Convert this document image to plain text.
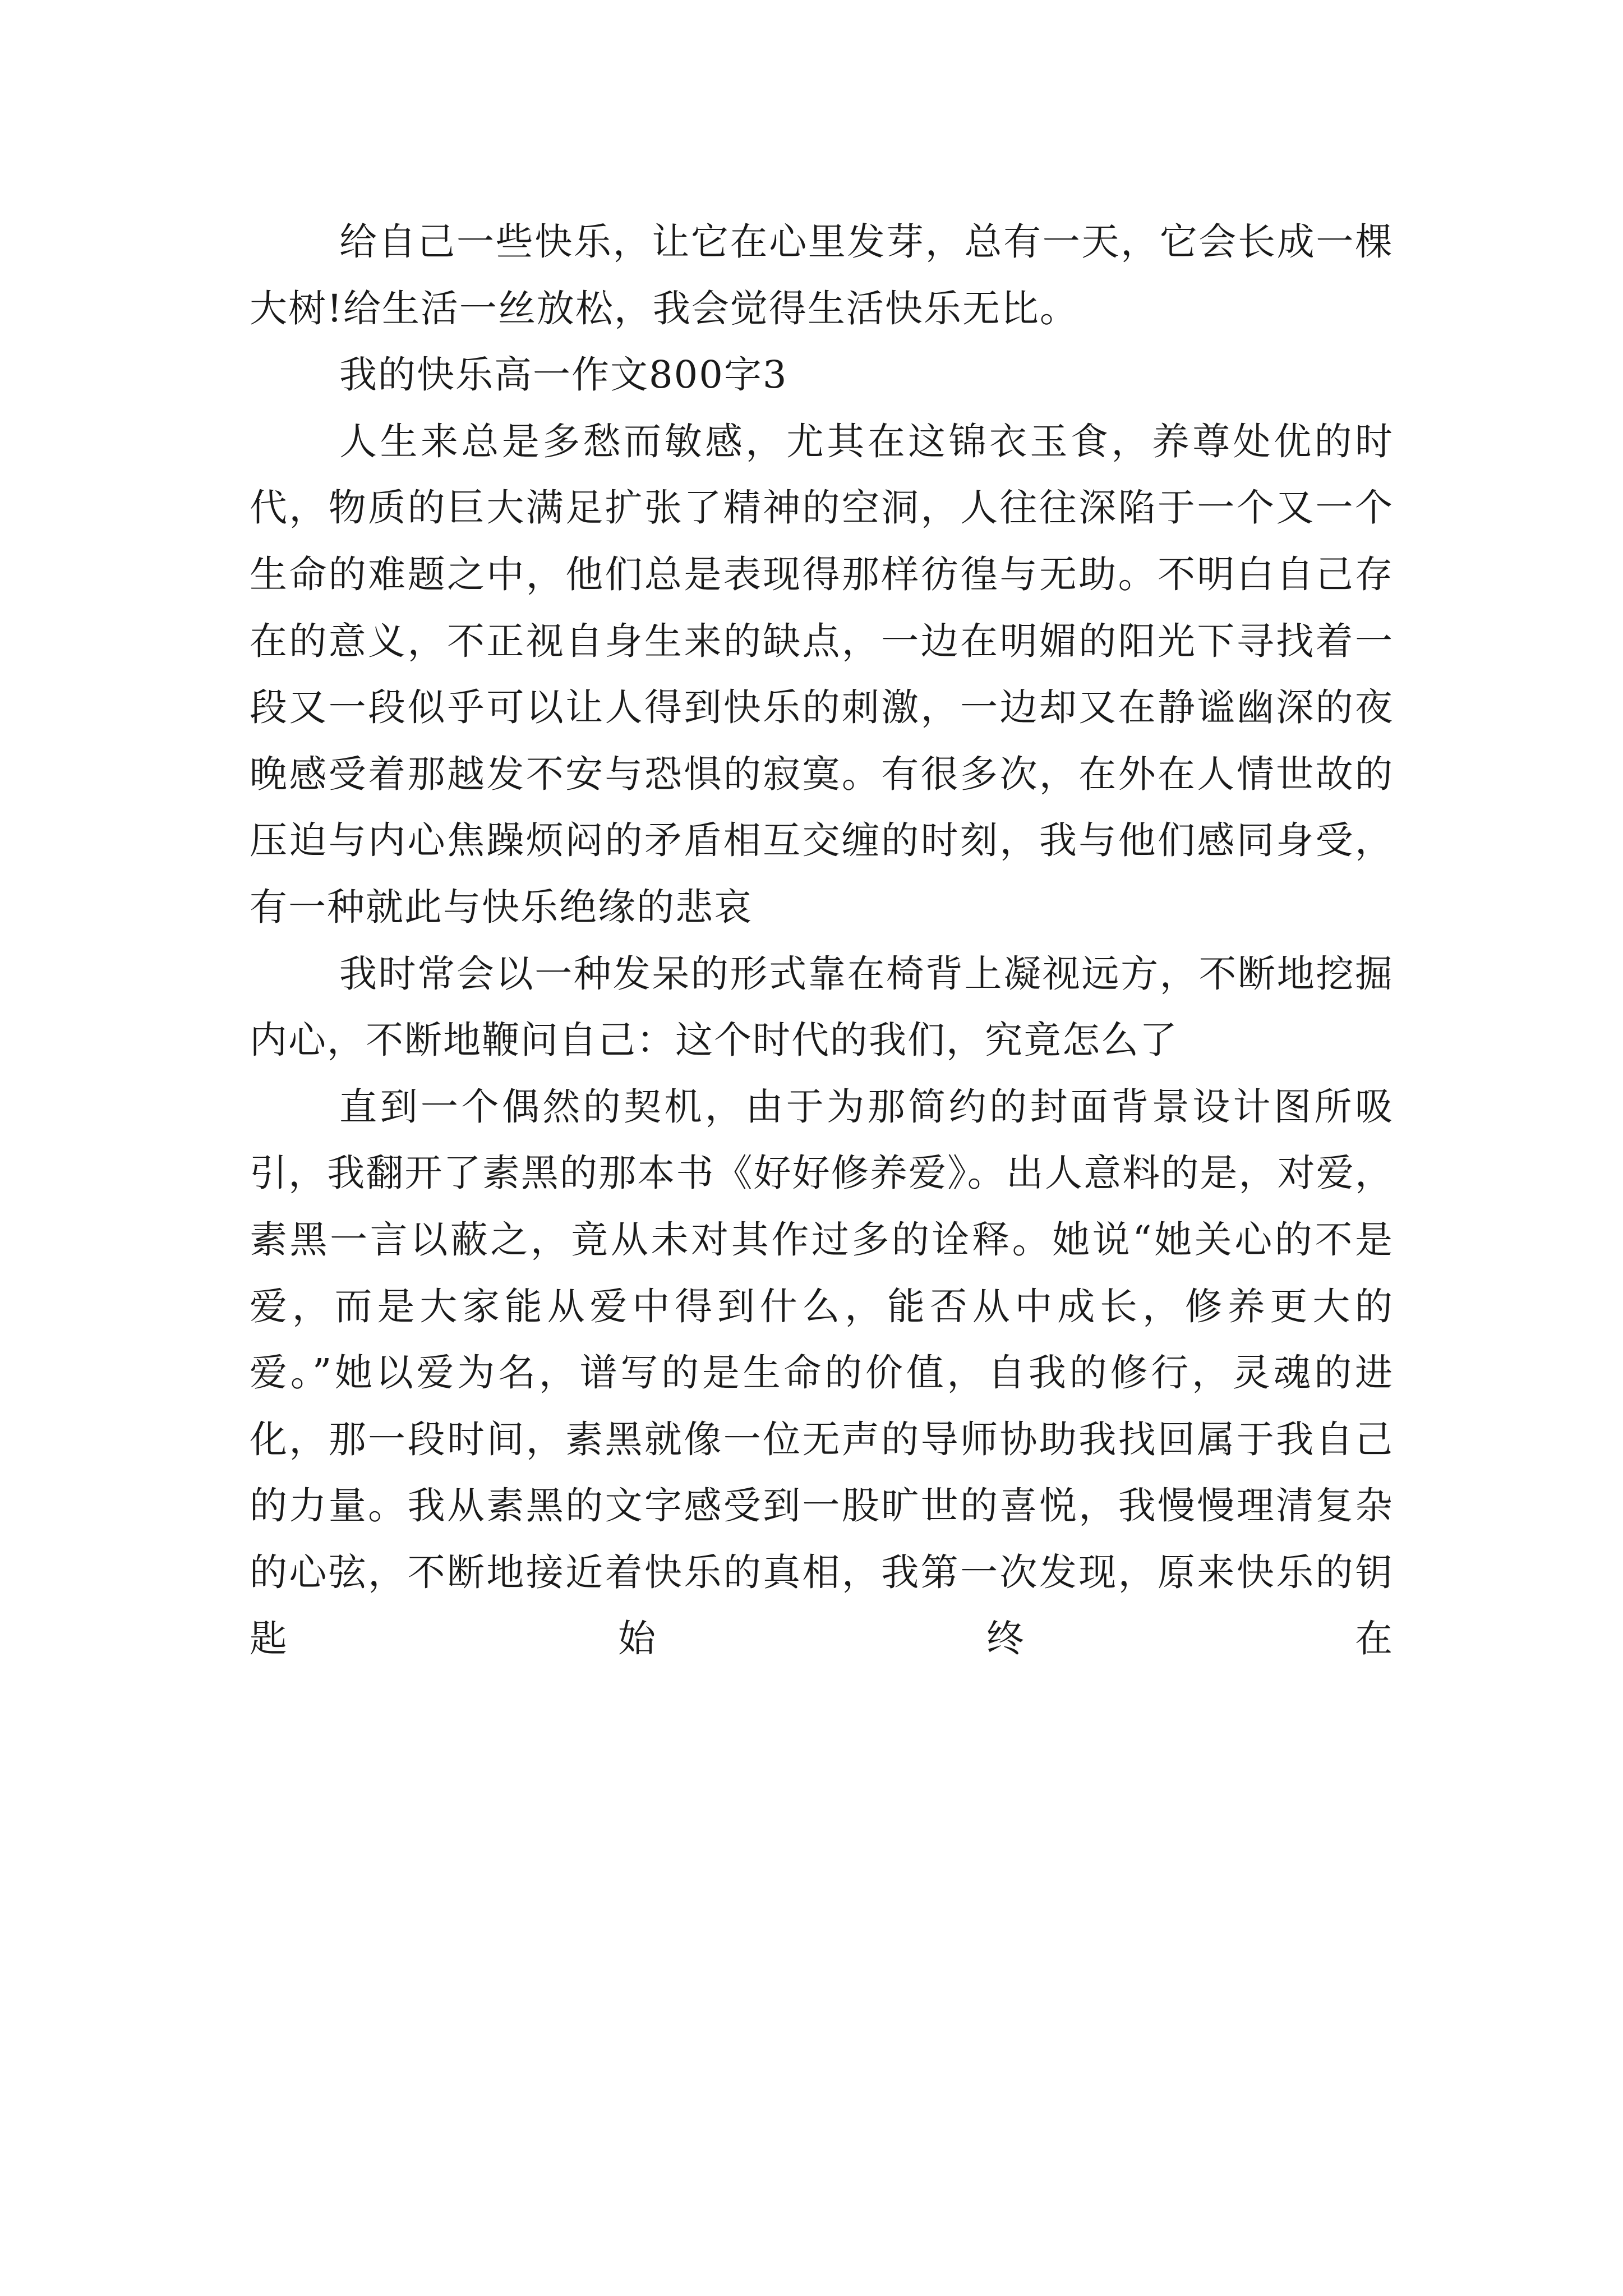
给自己一些快乐，让它在心里发芽，总有一天，它会长成一棵大树!给生活一丝放松，我会觉得生活快乐无比。

我的快乐高一作文800字3

人生来总是多愁而敏感，尤其在这锦衣玉食，养尊处优的时代，物质的巨大满足扩张了精神的空洞，人往往深陷于一个又一个生命的难题之中，他们总是表现得那样彷徨与无助。不明白自己存在的意义，不正视自身生来的缺点，一边在明媚的阳光下寻找着一段又一段似乎可以让人得到快乐的刺激，一边却又在静谧幽深的夜晚感受着那越发不安与恐惧的寂寞。有很多次，在外在人情世故的压迫与内心焦躁烦闷的矛盾相互交缠的时刻，我与他们感同身受，有一种就此与快乐绝缘的悲哀

我时常会以一种发呆的形式靠在椅背上凝视远方，不断地挖掘内心，不断地鞭问自己：这个时代的我们，究竟怎么了

直到一个偶然的契机，由于为那简约的封面背景设计图所吸引，我翻开了素黑的那本书《好好修养爱》。出人意料的是，对爱，素黑一言以蔽之，竟从未对其作过多的诠释。她说“她关心的不是爱，而是大家能从爱中得到什么，能否从中成长，修养更大的爱。”她以爱为名，谱写的是生命的价值，自我的修行，灵魂的进化，那一段时间，素黑就像一位无声的导师协助我找回属于我自己的力量。我从素黑的文字感受到一股旷世的喜悦，我慢慢理清复杂的心弦，不断地接近着快乐的真相，我第一次发现，原来快乐的钥匙始终在
